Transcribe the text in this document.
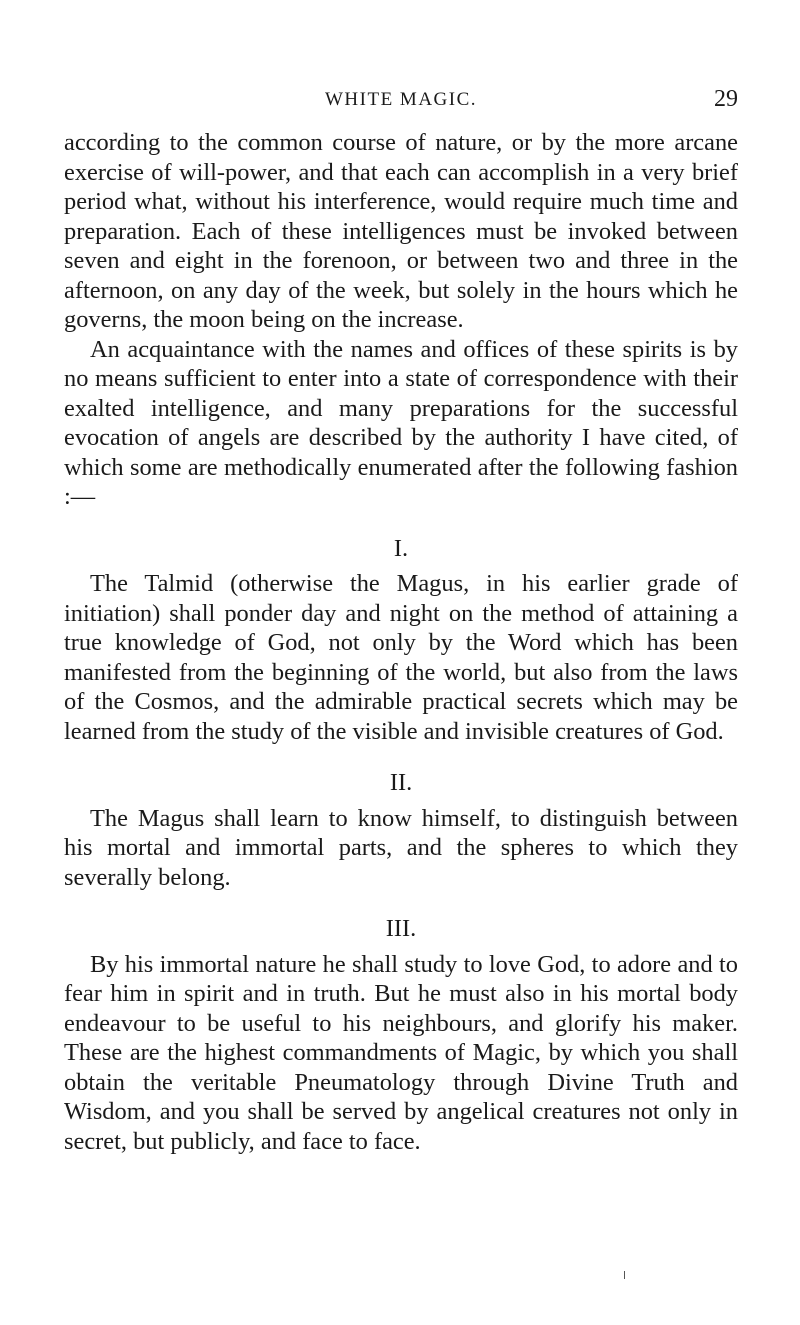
WHITE MAGIC.	29

according to the common course of nature, or by the more arcane exercise of will-power, and that each can accomplish in a very brief period what, without his interference, would require much time and preparation. Each of these intelligences must be invoked between seven and eight in the forenoon, or between two and three in the afternoon, on any day of the week, but solely in the hours which he governs, the moon being on the increase.

An acquaintance with the names and offices of these spirits is by no means sufficient to enter into a state of correspondence with their exalted intelligence, and many preparations for the successful evocation of angels are described by the authority I have cited, of which some are methodically enumerated after the following fashion :—

I.

The Talmid (otherwise the Magus, in his earlier grade of initiation) shall ponder day and night on the method of attaining a true knowledge of God, not only by the Word which has been manifested from the beginning of the world, but also from the laws of the Cosmos, and the admirable practical secrets which may be learned from the study of the visible and invisible creatures of God.

II.

The Magus shall learn to know himself, to distinguish between his mortal and immortal parts, and the spheres to which they severally belong.

III.

By his immortal nature he shall study to love God, to adore and to fear him in spirit and in truth. But he must also in his mortal body endeavour to be useful to his neighbours, and glorify his maker. These are the highest commandments of Magic, by which you shall obtain the veritable Pneumatology through Divine Truth and Wisdom, and you shall be served by angelical creatures not only in secret, but publicly, and face to face.
